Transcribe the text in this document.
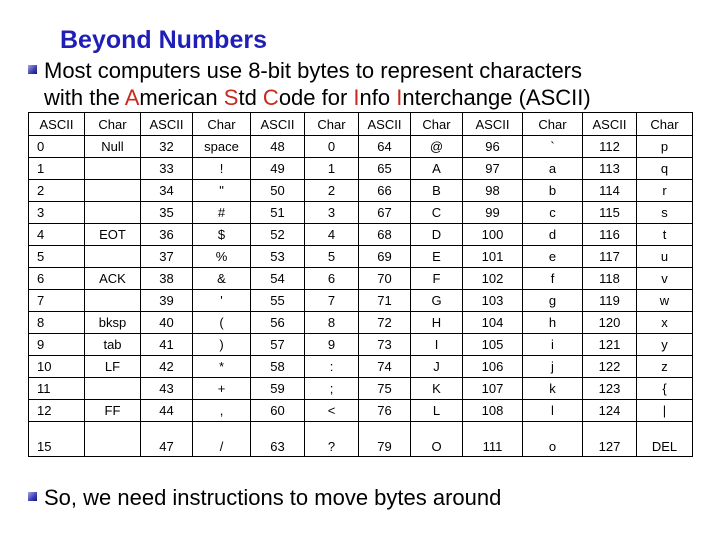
Beyond Numbers
Most computers use 8-bit bytes to represent characters
with the American Std Code for Info Interchange (ASCII)
ASCII	Char	ASCII	Char	ASCII	Char	ASCII	Char	ASCII	Char	ASCII	Char
0	Null	32	space	48	0	64	@	96	`	112	p
1		33	!	49	1	65	A	97	a	113	q
2		34	"	50	2	66	B	98	b	114	r
3		35	#	51	3	67	C	99	c	115	s
4	EOT	36	$	52	4	68	D	100	d	116	t
5		37	%	53	5	69	E	101	e	117	u
6	ACK	38	&	54	6	70	F	102	f	118	v
7		39	'	55	7	71	G	103	g	119	w
8	bksp	40	(	56	8	72	H	104	h	120	x
9	tab	41	)	57	9	73	I	105	i	121	y
10	LF	42	*	58	:	74	J	106	j	122	z
11		43	+	59	;	75	K	107	k	123	{
12	FF	44	,	60	<	76	L	108	l	124	|
15		47	/	63	?	79	O	111	o	127	DEL
So, we need instructions to move bytes around
